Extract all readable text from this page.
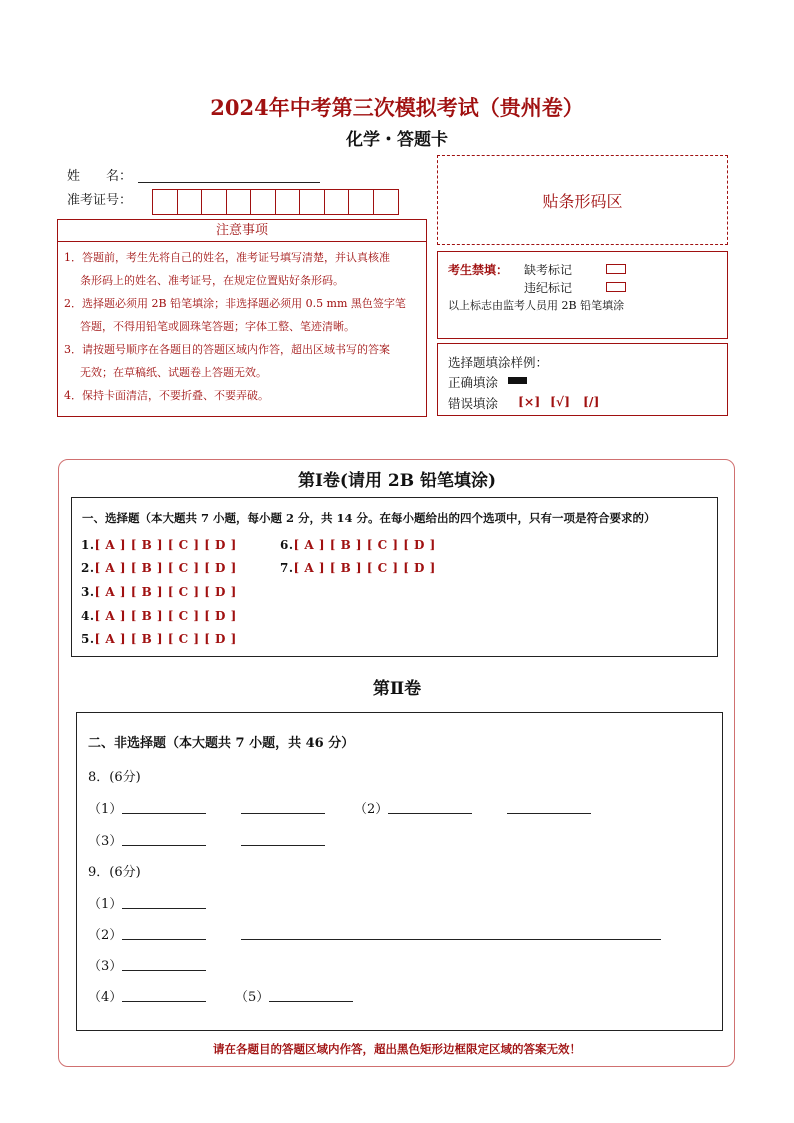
2024年中考第三次模拟考试（贵州卷）
化学・答题卡
姓　　名：
准考证号：	贴条形码区
注意事项

1．答题前，考生先将自己的姓名，准考证号填写清楚，并认真核准

条形码上的姓名、准考证号，在规定位置贴好条形码。

2．选择题必须用 2B 铅笔填涂；非选择题必须用 0.5 mm 黑色签字笔

答题，不得用铅笔或圆珠笔答题；字体工整、笔迹清晰。

3．请按题号顺序在各题目的答题区域内作答，超出区域书写的答案

无效；在草稿纸、试题卷上答题无效。

4．保持卡面清洁，不要折叠、不要弄破。

考生禁填： 缺考标记
违纪标记
以上标志由监考人员用 2B 铅笔填涂
选择题填涂样例：
正确填涂
错误填涂 [×] [√] [/]
第Ⅰ卷(请用 2B 铅笔填涂)
一、选择题（本大题共 7 小题，每小题 2 分，共 14 分。在每小题给出的四个选项中，只有一项是符合要求的）
1.[ A ] [ B ] [ C ] [ D ]
2.[ A ] [ B ] [ C ] [ D ]
3.[ A ] [ B ] [ C ] [ D ]
4.[ A ] [ B ] [ C ] [ D ]
5.[ A ] [ B ] [ C ] [ D ]
6.[ A ] [ B ] [ C ] [ D ]
7.[ A ] [ B ] [ C ] [ D ]
第Ⅱ卷
二、非选择题（本大题共 7 小题，共 46 分）
8．(6分)
（1）	（2）
（3）
9．(6分)
（1）
（2）
（3）
（4）	（5）
请在各题目的答题区域内作答，超出黑色矩形边框限定区域的答案无效！
